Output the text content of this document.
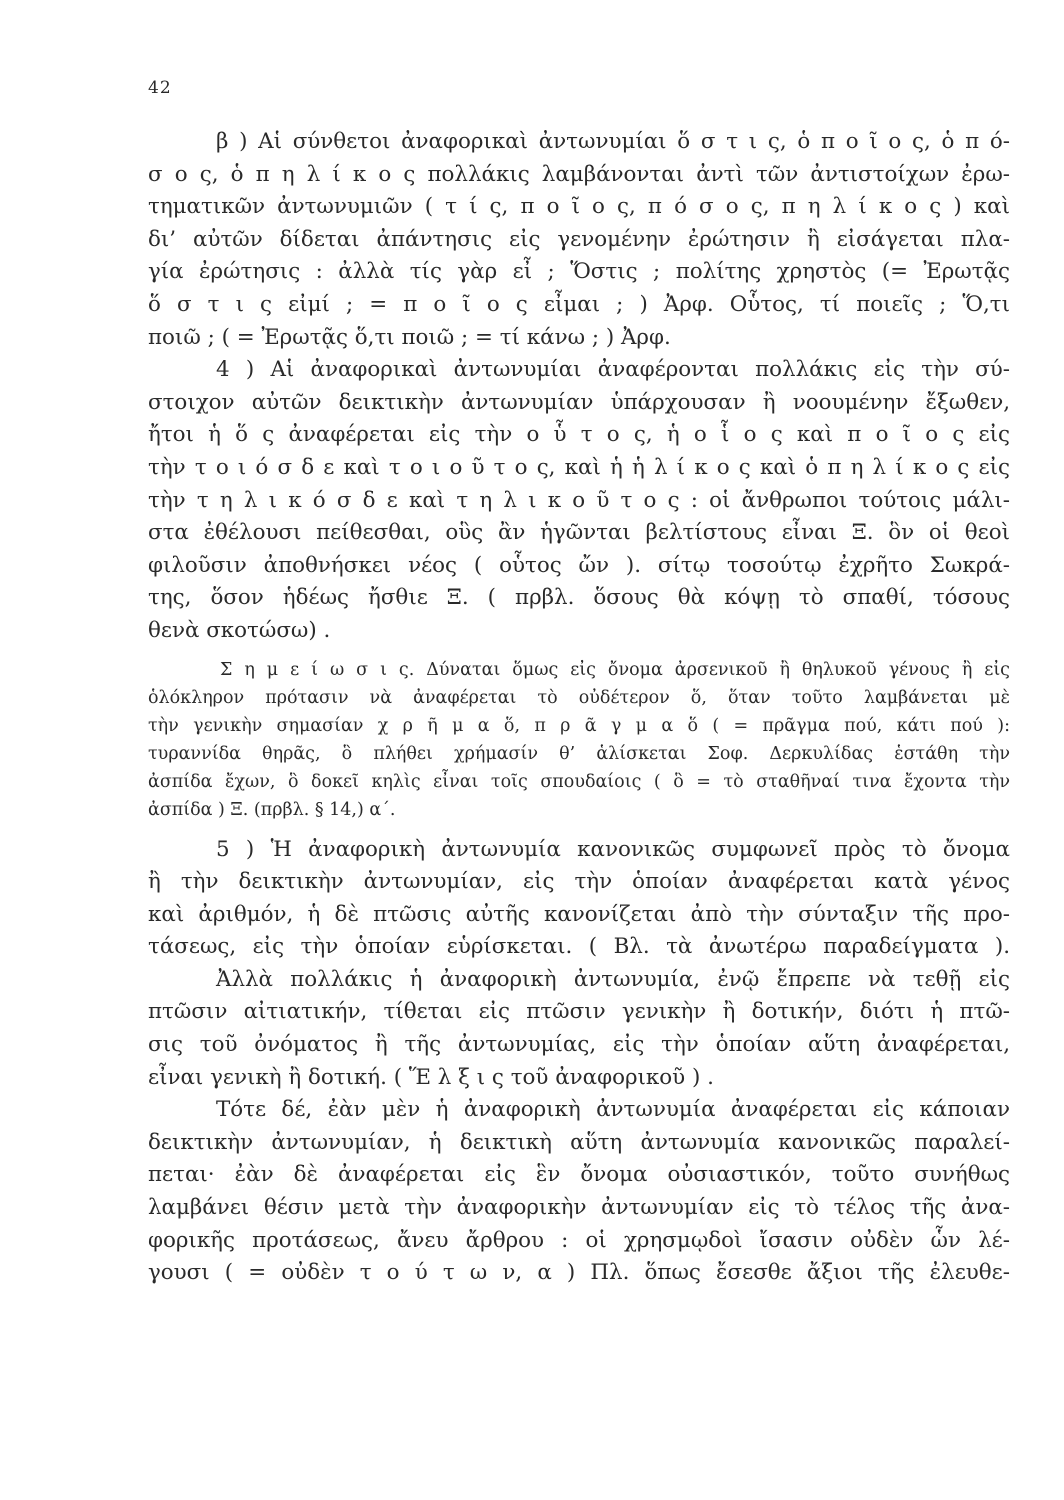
42
β ) Αἱ σύνθετοι ἀναφορικαὶ ἀντωνυμίαι ὅ σ τ ι ς, ὁ π ο ῖ ο ς, ὁ π ό-
σ ο ς, ὁ π η λ ί κ ο ς πολλάκις λαμβάνονται ἀντὶ τῶν ἀντιστοίχων ἐρω-
τηματικῶν ἀντωνυμιῶν ( τ ί ς, π ο ῖ ο ς, π ό σ ο ς, π η λ ί κ ο ς ) καὶ
δι’ αὐτῶν δίδεται ἀπάντησις εἰς γενομένην ἐρώτησιν ἢ εἰσάγεται πλα-
γία ἐρώτησις : ἀλλὰ τίς γὰρ εἶ ; Ὅστις ; πολίτης χρηστὸς (= Ἐρωτᾷς
ὅ σ τ ι ς εἰμί ; = π ο ῖ ο ς εἶμαι ; ) Ἀρφ. Οὗτος, τί ποιεῖς ; Ὅ,τι
ποιῶ ; ( = Ἐρωτᾷς ὅ,τι ποιῶ ; = τί κάνω ; ) Ἀρφ.
4 ) Αἱ ἀναφορικαὶ ἀντωνυμίαι ἀναφέρονται πολλάκις εἰς τὴν σύ-
στοιχον αὐτῶν δεικτικὴν ἀντωνυμίαν ὑπάρχουσαν ἢ νοουμένην ἔξωθεν,
ἤτοι ἡ ὅ ς ἀναφέρεται εἰς τὴν ο ὗ τ ο ς, ἡ ο ἷ ο ς καὶ π ο ῖ ο ς εἰς
τὴν τ ο ι ό σ δ ε καὶ τ ο ι ο ῦ τ ο ς, καὶ ἡ ἡ λ ί κ ο ς καὶ ὁ π η λ ί κ ο ς εἰς
τὴν τ η λ ι κ ό σ δ ε καὶ τ η λ ι κ ο ῦ τ ο ς : οἱ ἄνθρωποι τούτοις μάλι-
στα ἐθέλουσι πείθεσθαι, οὓς ἂν ἡγῶνται βελτίστους εἶναι Ξ. ὃν οἱ θεοὶ
φιλοῦσιν ἀποθνήσκει νέος ( οὗτος ὤν ). σίτῳ τοσούτῳ ἐχρῆτο Σωκρά-
της, ὅσον ἡδέως ἤσθιε Ξ. ( πρβλ. ὅσους θὰ κόψῃ τὸ σπαθί, τόσους
θενὰ σκοτώσω) .
Σ η μ ε ί ω σ ι ς. Δύναται ὅμως εἰς ὄνομα ἀρσενικοῦ ἢ θηλυκοῦ γένους ἢ εἰς
ὁλόκληρον πρότασιν νὰ ἀναφέρεται τὸ οὐδέτερον ὅ, ὅταν τοῦτο λαμβάνεται μὲ
τὴν γενικὴν σημασίαν χ ρ ῆ μ α ὅ, π ρ ᾶ γ μ α ὅ ( = πρᾶγμα πού, κάτι πού ):
τυραννίδα θηρᾶς, ὃ πλήθει χρήμασίν θ’ ἁλίσκεται Σοφ. Δερκυλίδας ἑστάθη τὴν
ἀσπίδα ἔχων, ὃ δοκεῖ κηλὶς εἶναι τοῖς σπουδαίοις ( ὃ = τὸ σταθῆναί τινα ἔχοντα τὴν
ἀσπίδα ) Ξ. (πρβλ. § 14,) α΄.
5 ) Ἡ ἀναφορικὴ ἀντωνυμία κανονικῶς συμφωνεῖ πρὸς τὸ ὄνομα
ἢ τὴν δεικτικὴν ἀντωνυμίαν, εἰς τὴν ὁποίαν ἀναφέρεται κατὰ γένος
καὶ ἀριθμόν, ἡ δὲ πτῶσις αὐτῆς κανονίζεται ἀπὸ τὴν σύνταξιν τῆς προ-
τάσεως, εἰς τὴν ὁποίαν εὑρίσκεται. ( Βλ. τὰ ἀνωτέρω παραδείγματα ).
Ἀλλὰ πολλάκις ἡ ἀναφορικὴ ἀντωνυμία, ἐνῷ ἔπρεπε νὰ τεθῇ εἰς
πτῶσιν αἰτιατικήν, τίθεται εἰς πτῶσιν γενικὴν ἢ δοτικήν, διότι ἡ πτῶ-
σις τοῦ ὀνόματος ἢ τῆς ἀντωνυμίας, εἰς τὴν ὁποίαν αὕτη ἀναφέρεται,
εἶναι γενικὴ ἢ δοτική. ( Ἕ λ ξ ι ς τοῦ ἀναφορικοῦ ) .
Τότε δέ, ἐὰν μὲν ἡ ἀναφορικὴ ἀντωνυμία ἀναφέρεται εἰς κάποιαν
δεικτικὴν ἀντωνυμίαν, ἡ δεικτικὴ αὕτη ἀντωνυμία κανονικῶς παραλεί-
πεται· ἐὰν δὲ ἀναφέρεται εἰς ἓν ὄνομα οὐσιαστικόν, τοῦτο συνήθως
λαμβάνει θέσιν μετὰ τὴν ἀναφορικὴν ἀντωνυμίαν εἰς τὸ τέλος τῆς ἀνα-
φορικῆς προτάσεως, ἄνευ ἄρθρου : οἱ χρησμῳδοὶ ἴσασιν οὐδὲν ὧν λέ-
γουσι ( = οὐδὲν τ ο ύ τ ω ν, α ) Πλ. ὅπως ἔσεσθε ἄξιοι τῆς ἐλευθε-
